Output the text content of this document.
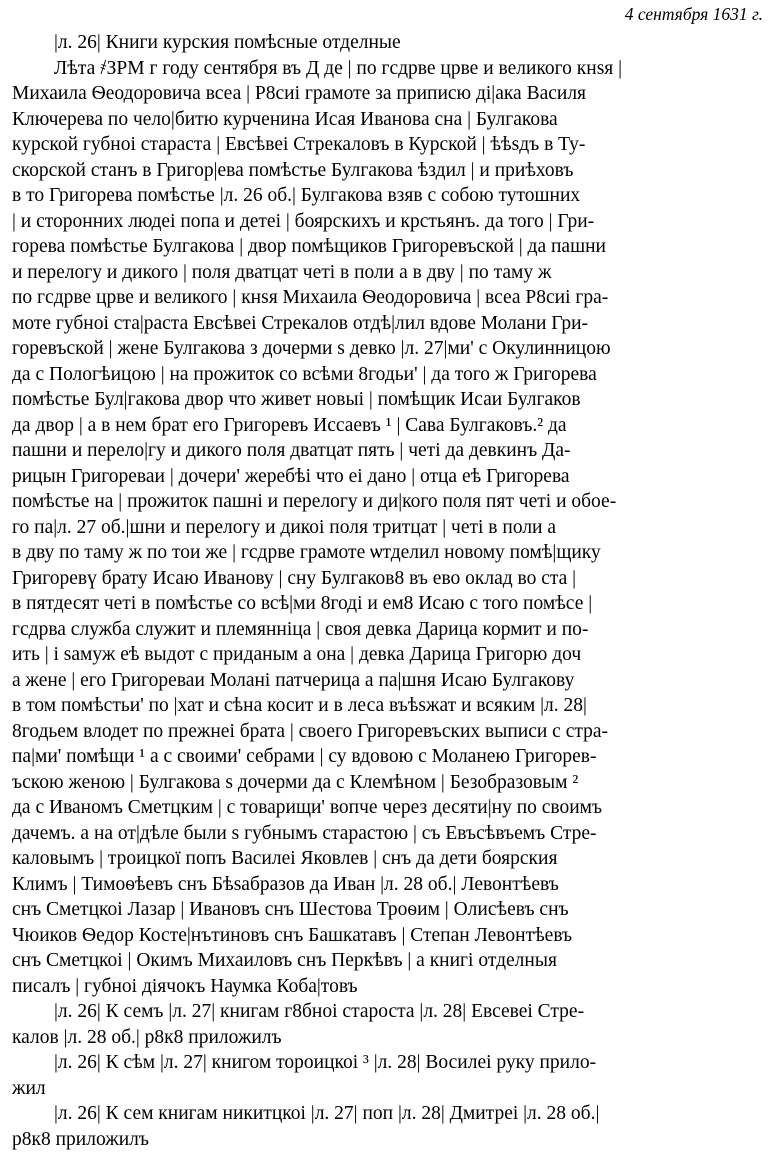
4 сентября 1631 г.
|л. 26| Книги курския помѣсные отделные
Лѣта ҂ЗРМ г году сентября въ Д де | по гсдрве црве и великого кнѕя |
Михаила Ѳеодоровича всеа | Р8сиі грамоте за приписю ді|ака Василя
Ключерева по чело|битю курченина Исая Иванова сна | Булгакова
курской губноі стараста | Евсѣвеі Стрекаловъ в Курской | ѣѣѕдъ в Ту-
скорской станъ в Григор|ева помѣстье Булгакова ѣздил | и приѣховъ
в то Григорева помѣстье |л. 26 об.| Булгакова взяв с собою тутошних
| и сторонних людеі попа и детеі | боярскихъ и крстьянъ. да того | Гри-
горева помѣстье Булгакова | двор помѣщиков Григоревъской | да пашни
и перелогу и дикого | поля дватцат четі в поли а в дву | по таму ж
по гсдрве црве и великого | кнѕя Михаила Ѳеодоровича | всеа Р8сиі гра-
моте губноі ста|раста Евсѣвеі Стрекалов отдѣ|лил вдове Молани Гри-
горевъской | жене Булгакова з дочерми ѕ девко |л. 27|ми' с Окулинницою
да с Пологѣицою | на прожиток со всѣми 8годьи' | да того ж Григорева
помѣстье Бул|гакова двор что живет новыі | помѣщик Исаи Булгаков
да двор | а в нем брат его Григоревъ Иссаевъ ¹ | Сава Булгаковъ.² да
пашни и перело|гу и дикого поля дватцат пять | четі да девкинъ Да-
рицын Григореваи | дочери' жеребѣі что еі дано | отца еѣ Григорева
помѣстье на | прожиток пашні и перелогу и ди|кого поля пят четі и обое-
го па|л. 27 об.|шни и перелогу и дикоі поля тритцат | четі в поли а
в дву по таму ж по тои же | гсдрве грамоте ѡтделил новому помѣ|щику
Григоревү брату Исаю Иванову | сну Булгаков8 въ ево оклад во ста |
в пятдесят четі в помѣстье со всѣ|ми 8годі и ем8 Исаю с того помѣсе |
гсдрва служба служит и племянніца | своя девка Дарица кормит и по-
ить | і ѕамуж еѣ выдот с приданым а она | девка Дарица Григорю доч
а жене | его Григореваи Молані патчерица а па|шня Исаю Булгакову
в том помѣстьи' по |хат и сѣна косит и в леса въѣѕжат и всяким |л. 28|
8годьем влодет по прежнеі брата | своего Григоревъских выписи с стра-
па|ми' помѣщи ¹ а с своими' себрами | су вдовою с Моланею Григорев-
ъскою женою | Булгакова ѕ дочерми да с Клемѣном | Безобразовым ²
да с Иваномъ Сметцким | с товарищи' вопче через десяти|ну по своимъ
дачемъ. а на от|дѣле были ѕ губнымъ старастою | съ Евъсѣвъемъ Стре-
каловымъ | троицкої попъ Василеі Яковлев | снъ да дети боярския
Климъ | Тимоѳѣевъ снъ Бѣѕабразов да Иван |л. 28 об.| Левонтѣевъ
снъ Сметцкоі Лазар | Ивановъ снъ Шестова Троѳим | Олисѣевъ снъ
Чюиков Ѳедор Косте|нътиновъ снъ Башкатавъ | Степан Левонтѣевъ
снъ Сметцкоі | Окимъ Михаиловъ снъ Перкѣвъ | а книгі отделныя
писалъ | губноі діячокъ Наумка Коба|товъ
|л. 26| К семъ |л. 27| книгам г8бноі староста |л. 28| Евсевеі Стре-
калов |л. 28 об.| р8к8 приложилъ
|л. 26| К сѣм |л. 27| книгом тороицкоі ³ |л. 28| Восилеі руку прило-
жил
|л. 26| К сем книгам никитцкоі |л. 27| поп |л. 28| Дмитреі |л. 28 об.|
р8к8 приложилъ
